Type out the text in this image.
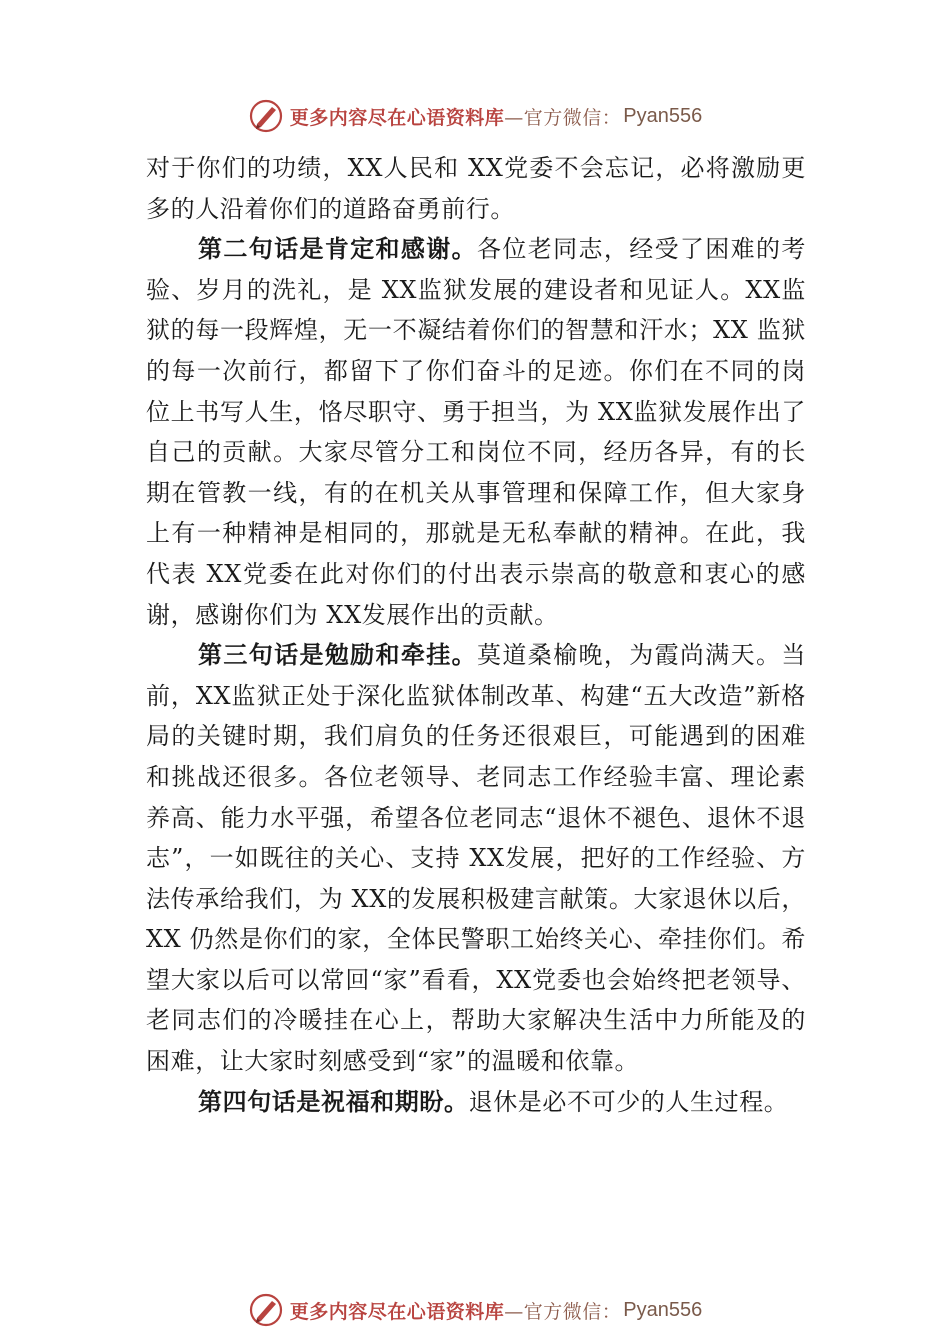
更多内容尽在心语资料库 —官方微信： Pyan556

对于你们的功绩，XX人民和 XX党委不会忘记，必将激励更多的人沿着你们的道路奋勇前行。

第二句话是肯定和感谢。各位老同志，经受了困难的考验、岁月的洗礼，是 XX监狱发展的建设者和见证人。XX监狱的每一段辉煌，无一不凝结着你们的智慧和汗水；XX 监狱的每一次前行，都留下了你们奋斗的足迹。你们在不同的岗位上书写人生，恪尽职守、勇于担当，为 XX监狱发展作出了自己的贡献。大家尽管分工和岗位不同，经历各异，有的长期在管教一线，有的在机关从事管理和保障工作，但大家身上有一种精神是相同的，那就是无私奉献的精神。在此，我代表 XX党委在此对你们的付出表示崇高的敬意和衷心的感谢，感谢你们为 XX发展作出的贡献。

第三句话是勉励和牵挂。莫道桑榆晚，为霞尚满天。当前，XX监狱正处于深化监狱体制改革、构建“五大改造”新格局的关键时期，我们肩负的任务还很艰巨，可能遇到的困难和挑战还很多。各位老领导、老同志工作经验丰富、理论素养高、能力水平强，希望各位老同志“退休不褪色、退休不退志”，一如既往的关心、支持 XX发展，把好的工作经验、方法传承给我们，为 XX的发展积极建言献策。大家退休以后，XX 仍然是你们的家，全体民警职工始终关心、牵挂你们。希望大家以后可以常回“家”看看，XX党委也会始终把老领导、老同志们的冷暖挂在心上，帮助大家解决生活中力所能及的困难，让大家时刻感受到“家”的温暖和依靠。

第四句话是祝福和期盼。退休是必不可少的人生过程。

更多内容尽在心语资料库 —官方微信： Pyan556
